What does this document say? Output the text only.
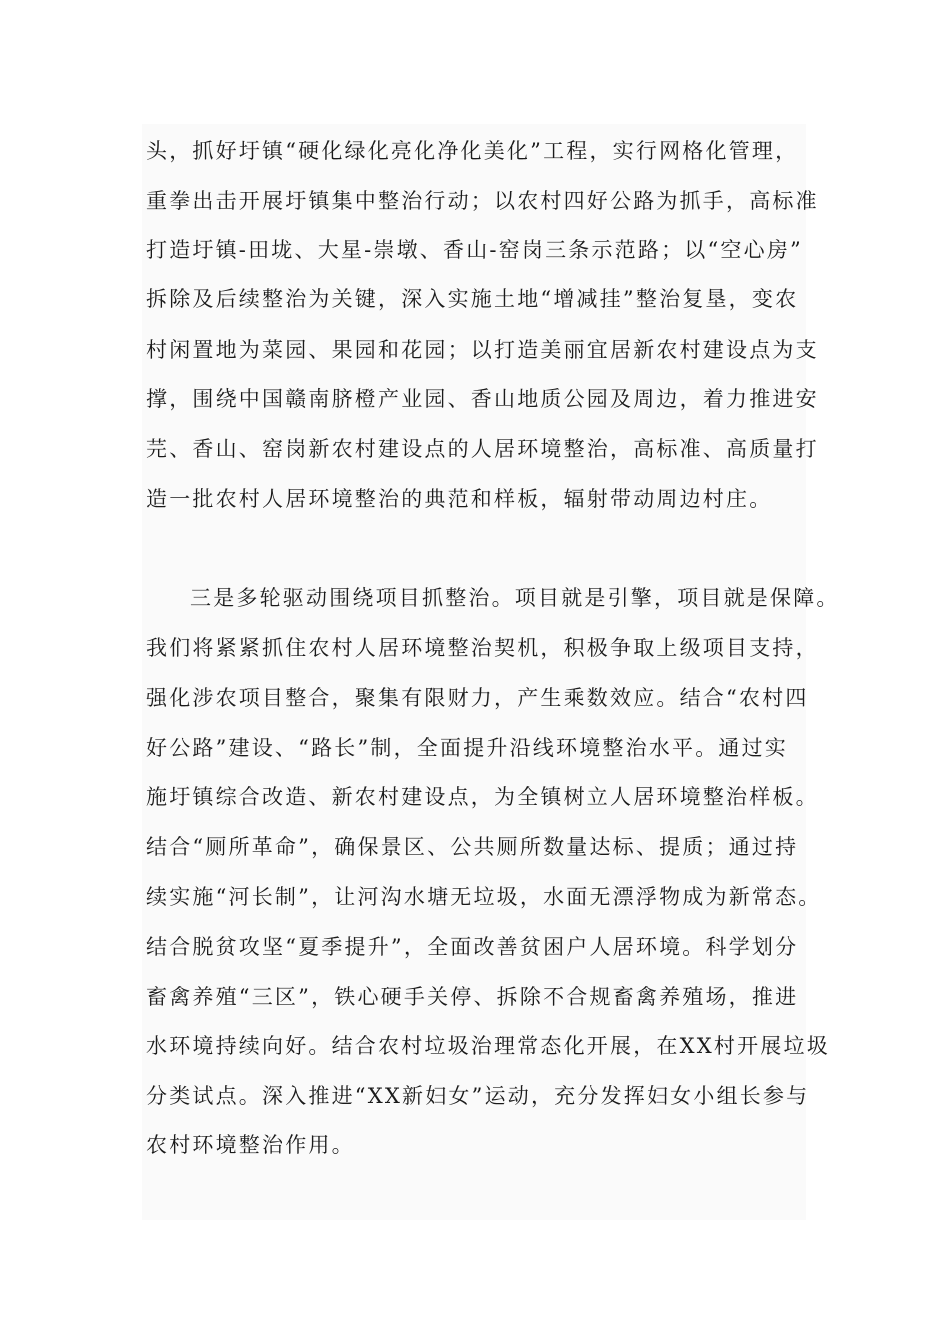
头，抓好圩镇“硬化绿化亮化净化美化”工程，实行网格化管理，
重拳出击开展圩镇集中整治行动；以农村四好公路为抓手，高标准
打造圩镇-田垅、大星-崇墩、香山-窑岗三条示范路；以“空心房”
拆除及后续整治为关键，深入实施土地“增减挂”整治复垦，变农
村闲置地为菜园、果园和花园；以打造美丽宜居新农村建设点为支
撑，围绕中国赣南脐橙产业园、香山地质公园及周边，着力推进安
芫、香山、窑岗新农村建设点的人居环境整治，高标准、高质量打
造一批农村人居环境整治的典范和样板，辐射带动周边村庄。
三是多轮驱动围绕项目抓整治。项目就是引擎，项目就是保障。
我们将紧紧抓住农村人居环境整治契机，积极争取上级项目支持，
强化涉农项目整合，聚集有限财力，产生乘数效应。结合“农村四
好公路”建设、“路长”制，全面提升沿线环境整治水平。通过实
施圩镇综合改造、新农村建设点，为全镇树立人居环境整治样板。
结合“厕所革命”，确保景区、公共厕所数量达标、提质；通过持
续实施“河长制”，让河沟水塘无垃圾，水面无漂浮物成为新常态。
结合脱贫攻坚“夏季提升”，全面改善贫困户人居环境。科学划分
畜禽养殖“三区”，铁心硬手关停、拆除不合规畜禽养殖场，推进
水环境持续向好。结合农村垃圾治理常态化开展，在XX村开展垃圾
分类试点。深入推进“XX新妇女”运动，充分发挥妇女小组长参与
农村环境整治作用。
